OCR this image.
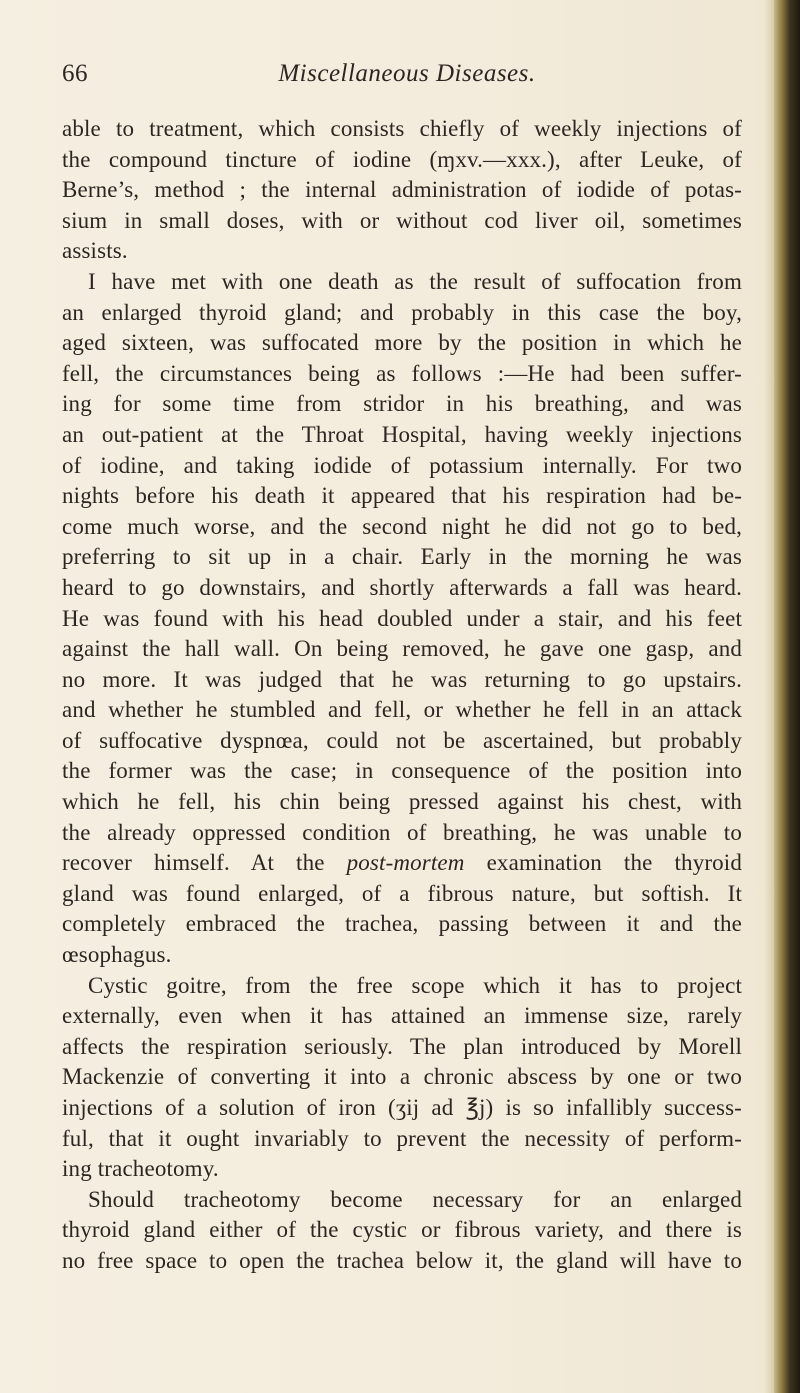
66	Miscellaneous Diseases.

able to treatment, which consists chiefly of weekly injections of

the compound tincture of iodine (ɱxv.—xxx.), after Leuke, of

Berne’s, method ; the internal administration of iodide of potas-

sium in small doses, with or without cod liver oil, sometimes

assists.

I have met with one death as the result of suffocation from

an enlarged thyroid gland; and probably in this case the boy,

aged sixteen, was suffocated more by the position in which he

fell, the circumstances being as follows :—He had been suffer-

ing for some time from stridor in his breathing, and was

an out-patient at the Throat Hospital, having weekly injections

of iodine, and taking iodide of potassium internally. For two

nights before his death it appeared that his respiration had be-

come much worse, and the second night he did not go to bed,

preferring to sit up in a chair. Early in the morning he was

heard to go downstairs, and shortly afterwards a fall was heard.

He was found with his head doubled under a stair, and his feet

against the hall wall. On being removed, he gave one gasp, and

no more. It was judged that he was returning to go upstairs.

and whether he stumbled and fell, or whether he fell in an attack

of suffocative dyspnœa, could not be ascertained, but probably

the former was the case; in consequence of the position into

which he fell, his chin being pressed against his chest, with

the already oppressed condition of breathing, he was unable to

recover himself. At the post-mortem examination the thyroid

gland was found enlarged, of a fibrous nature, but softish. It

completely embraced the trachea, passing between it and the

œsophagus.

Cystic goitre, from the free scope which it has to project

externally, even when it has attained an immense size, rarely

affects the respiration seriously. The plan introduced by Morell

Mackenzie of converting it into a chronic abscess by one or two

injections of a solution of iron (ʒij ad ℥j) is so infallibly success-

ful, that it ought invariably to prevent the necessity of perform-

ing tracheotomy.

Should tracheotomy become necessary for an enlarged

thyroid gland either of the cystic or fibrous variety, and there is

no free space to open the trachea below it, the gland will have to
